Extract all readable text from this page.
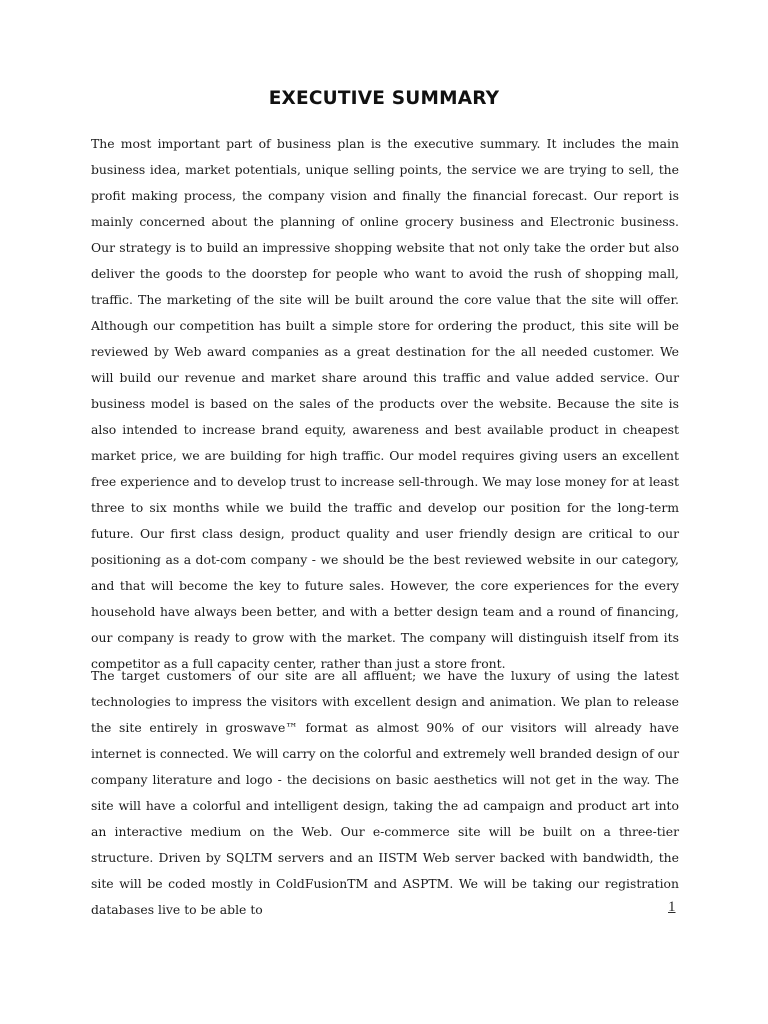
EXECUTIVE SUMMARY

The most important part of business plan is the executive summary. It includes the main business idea, market potentials, unique selling points, the service we are trying to sell, the profit making process, the company vision and finally the financial forecast. Our report is mainly concerned about the planning of online grocery business and Electronic business. Our strategy is to build an impressive shopping website that not only take the order but also deliver the goods to the doorstep for people who want to avoid the rush of shopping mall, traffic. The marketing of the site will be built around the core value that the site will offer. Although our competition has built a simple store for ordering the product, this site will be reviewed by Web award companies as a great destination for the all needed customer. We will build our revenue and market share around this traffic and value added service. Our business model is based on the sales of the products over the website. Because the site is also intended to increase brand equity, awareness and best available product in cheapest market price, we are building for high traffic. Our model requires giving users an excellent free experience and to develop trust to increase sell-through. We may lose money for at least three to six months while we build the traffic and develop our position for the long-term future. Our first class design, product quality and user friendly design are critical to our positioning as a dot-com company - we should be the best reviewed website in our category, and that will become the key to future sales. However, the core experiences for the every household have always been better, and with a better design team and a round of financing, our company is ready to grow with the market. The company will distinguish itself from its competitor as a full capacity center, rather than just a store front.

The target customers of our site are all affluent; we have the luxury of using the latest technologies to impress the visitors with excellent design and animation. We plan to release the site entirely in groswave™ format as almost 90% of our visitors will already have internet is connected. We will carry on the colorful and extremely well branded design of our company literature and logo - the decisions on basic aesthetics will not get in the way. The site will have a colorful and intelligent design, taking the ad campaign and product art into an interactive medium on the Web. Our e-commerce site will be built on a three-tier structure. Driven by SQLTM servers and an IISTM Web server backed with bandwidth, the site will be coded mostly in ColdFusionTM and ASPTM. We will be taking our registration databases live to be able to	1
